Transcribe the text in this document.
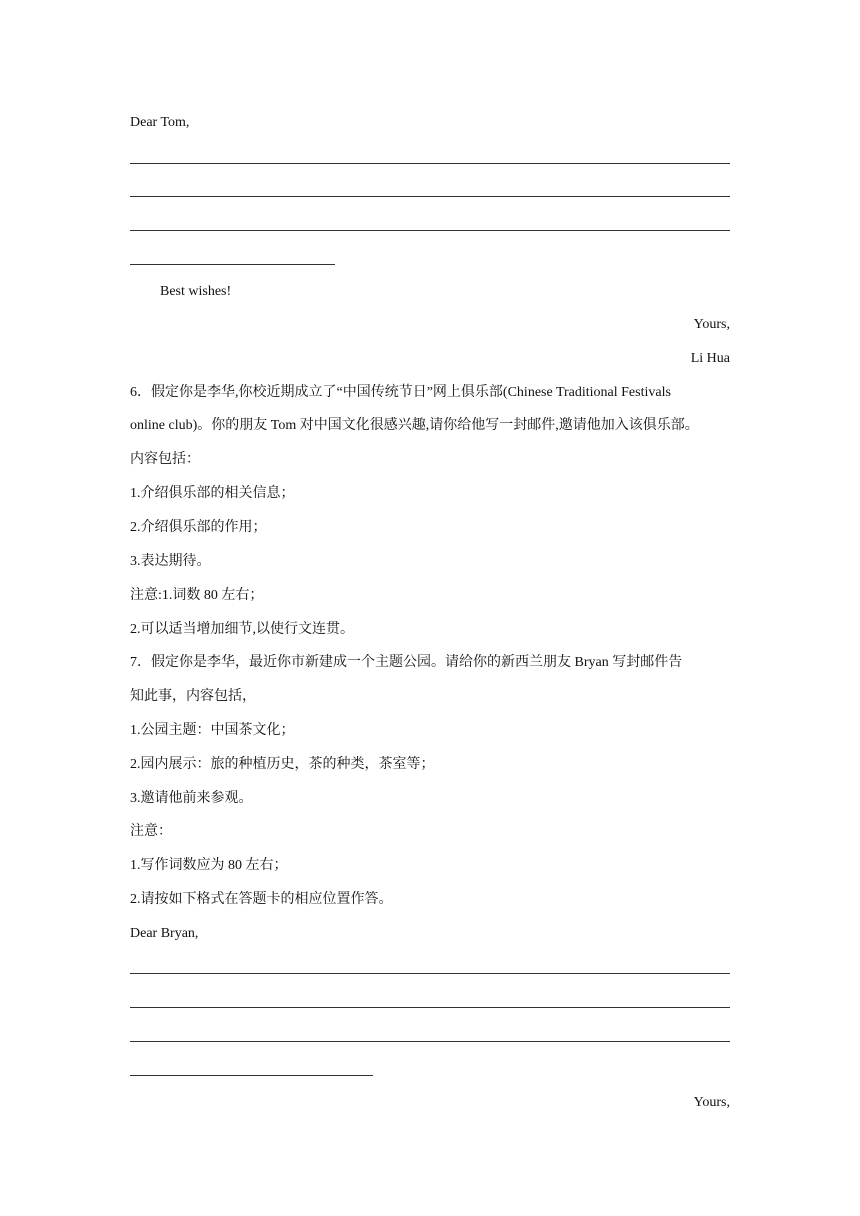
Dear Tom,
Best wishes!
Yours,
Li Hua
6．假定你是李华,你校近期成立了“中国传统节日”网上俱乐部(Chinese Traditional Festivals
online club)。你的朋友 Tom 对中国文化很感兴趣,请你给他写一封邮件,邀请他加入该俱乐部。
内容包括：
1.介绍俱乐部的相关信息；
2.介绍俱乐部的作用；
3.表达期待。
注意:1.词数 80 左右；
2.可以适当增加细节,以使行文连贯。
7．假定你是李华，最近你市新建成一个主题公园。请给你的新西兰朋友 Bryan 写封邮件告
知此事，内容包括，
1.公园主题：中国茶文化；
2.园内展示：旅的种植历史，茶的种类，茶室等；
3.邀请他前来参观。
注意：
1.写作词数应为 80 左右；
2.请按如下格式在答题卡的相应位置作答。
Dear Bryan,
Yours,
